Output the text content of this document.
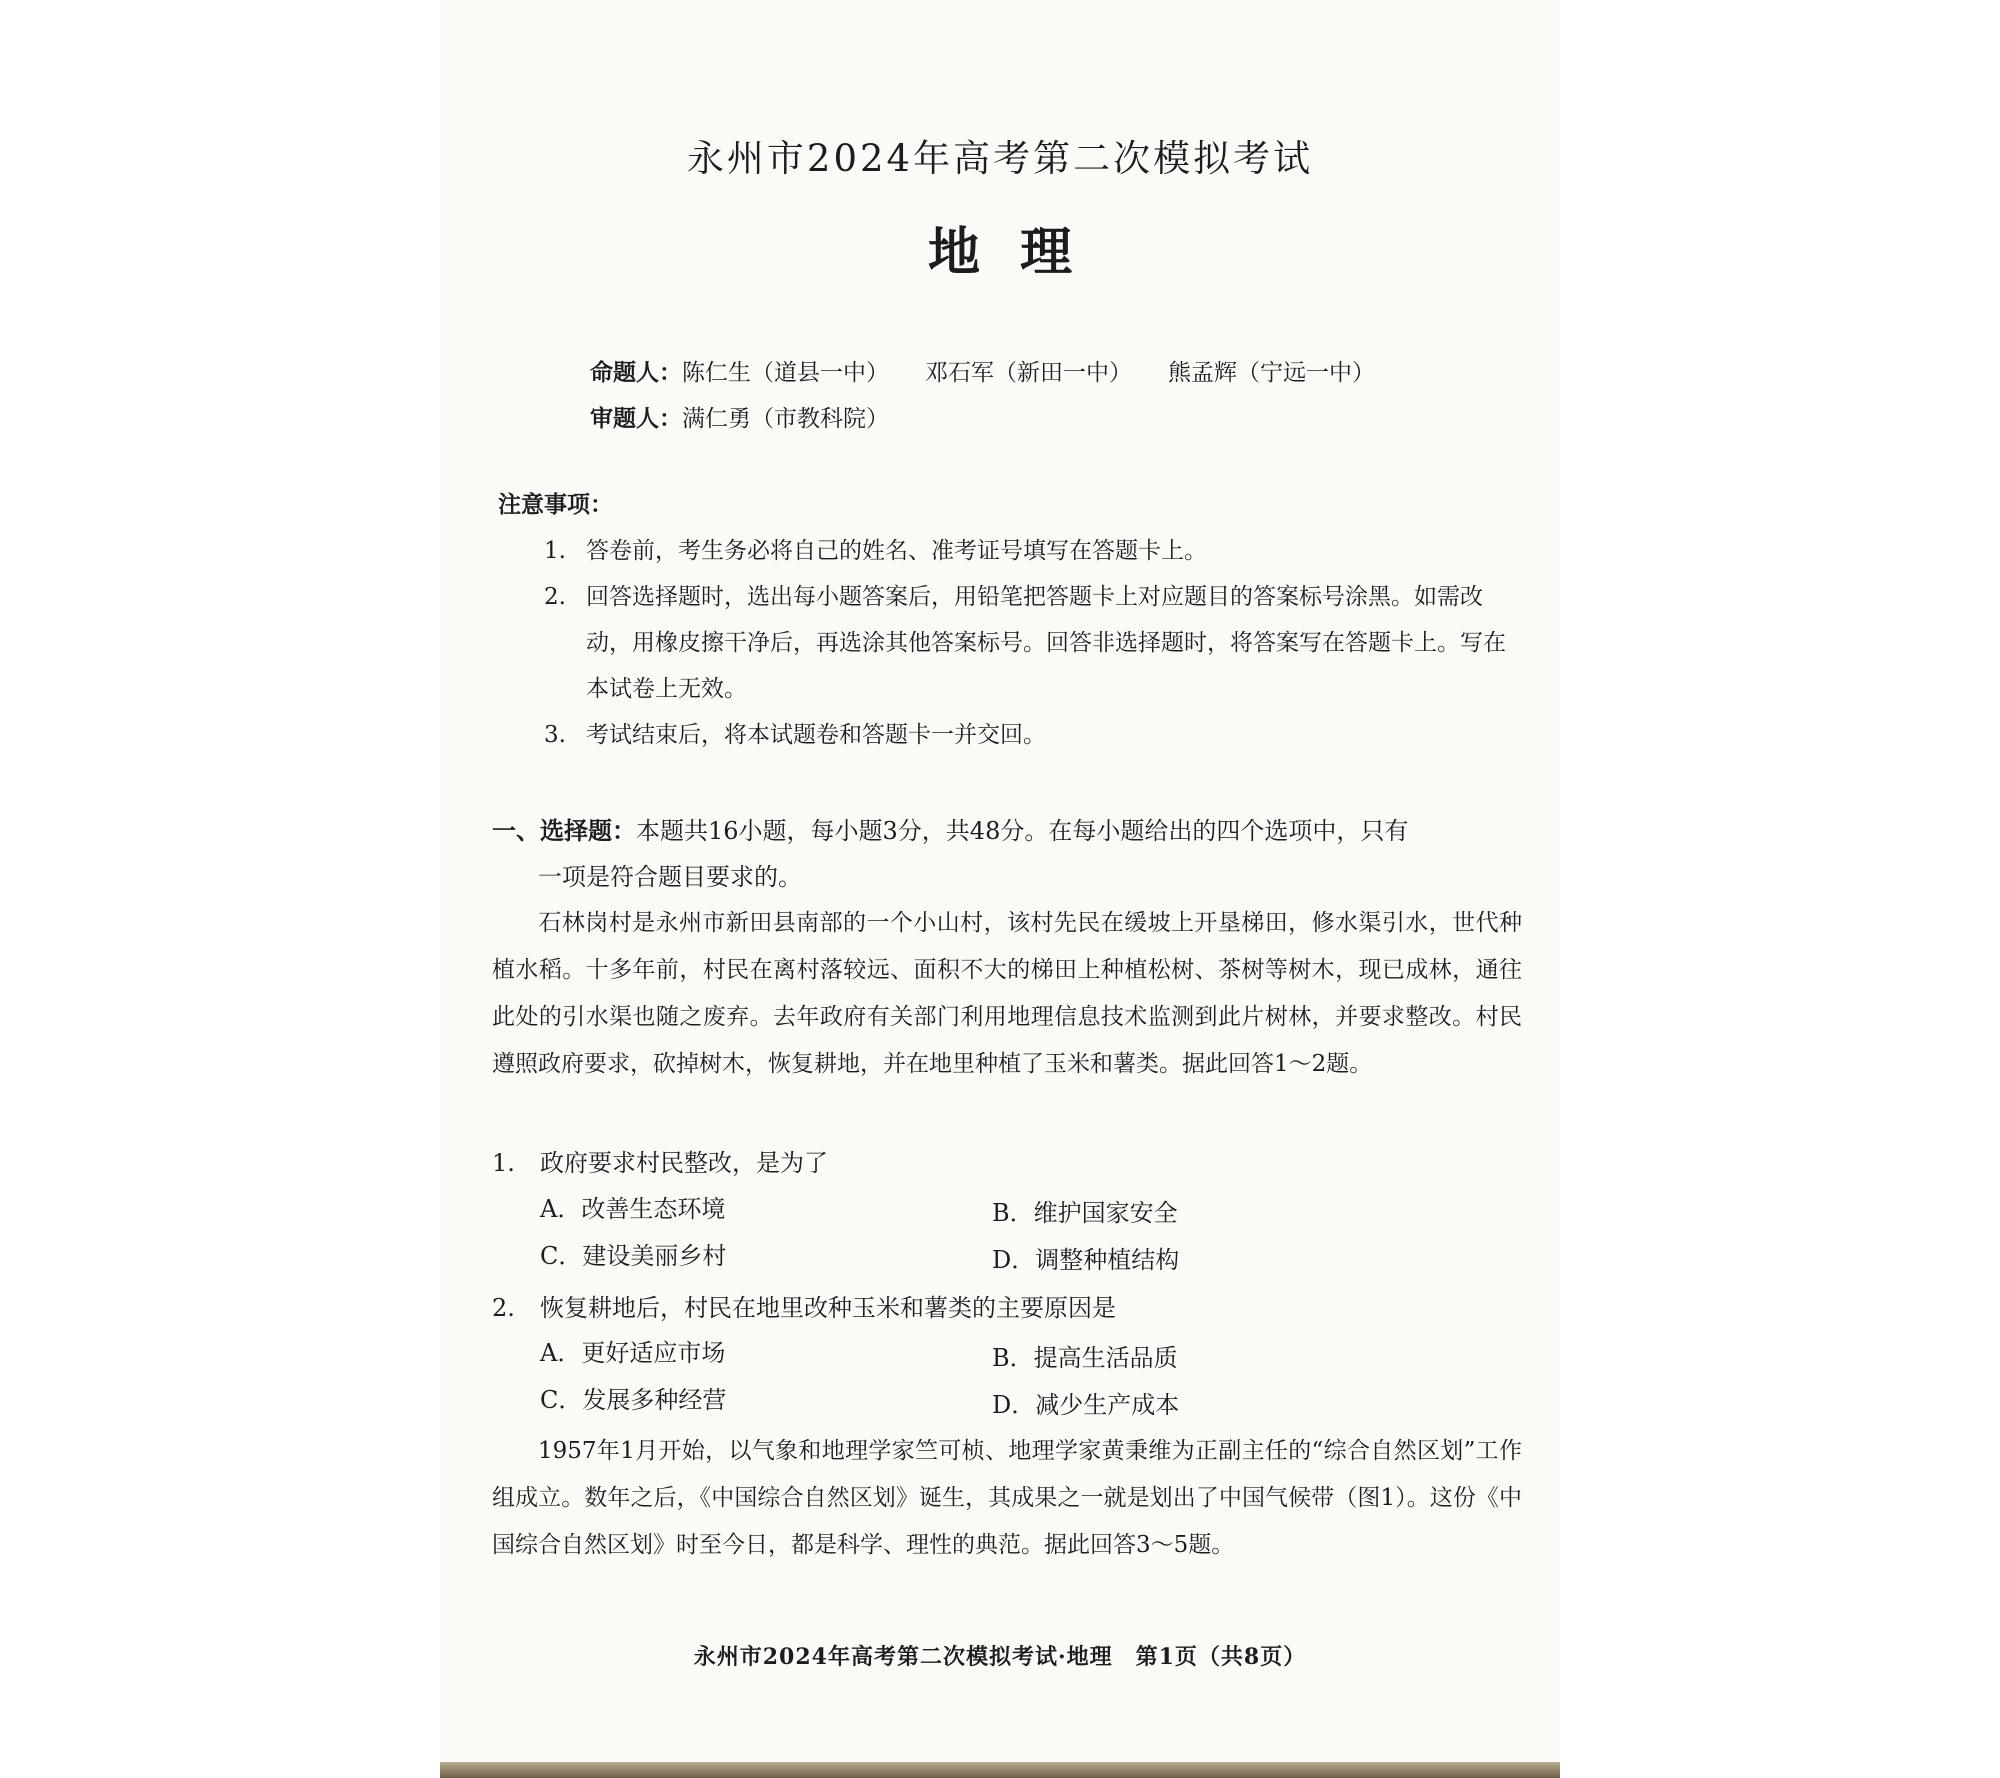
永州市2024年高考第二次模拟考试
地理
命题人：陈仁生（道县一中） 邓石军（新田一中） 熊孟辉（宁远一中）
审题人：满仁勇（市教科院）
注意事项：
1. 答卷前，考生务必将自己的姓名、准考证号填写在答题卡上。
2. 回答选择题时，选出每小题答案后，用铅笔把答题卡上对应题目的答案标号涂黑。如需改动，用橡皮擦干净后，再选涂其他答案标号。回答非选择题时，将答案写在答题卡上。写在本试卷上无效。
3. 考试结束后，将本试题卷和答题卡一并交回。
一、选择题：本题共16小题，每小题3分，共48分。在每小题给出的四个选项中，只有
一项是符合题目要求的。
石林岗村是永州市新田县南部的一个小山村，该村先民在缓坡上开垦梯田，修水渠引水，世代种植水稻。十多年前，村民在离村落较远、面积不大的梯田上种植松树、茶树等树木，现已成林，通往此处的引水渠也随之废弃。去年政府有关部门利用地理信息技术监测到此片树林，并要求整改。村民遵照政府要求，砍掉树木，恢复耕地，并在地里种植了玉米和薯类。据此回答1～2题。
1. 政府要求村民整改，是为了
A．改善生态环境	B．维护国家安全
C．建设美丽乡村	D．调整种植结构
2. 恢复耕地后，村民在地里改种玉米和薯类的主要原因是
A．更好适应市场	B．提高生活品质
C．发展多种经营	D．减少生产成本
1957年1月开始，以气象和地理学家竺可桢、地理学家黄秉维为正副主任的“综合自然区划”工作组成立。数年之后，《中国综合自然区划》诞生，其成果之一就是划出了中国气候带（图1）。这份《中国综合自然区划》时至今日，都是科学、理性的典范。据此回答3～5题。
永州市2024年高考第二次模拟考试·地理　第1页（共8页）
